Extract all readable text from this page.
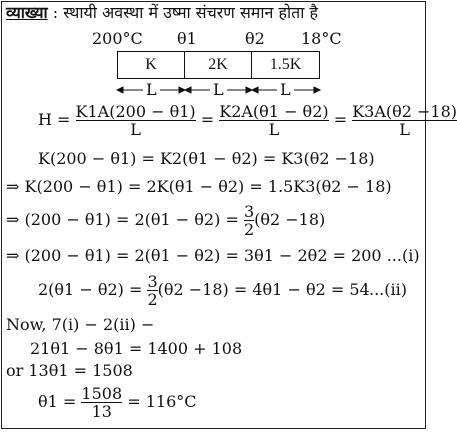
व्याख्या : स्थायी अवस्था में उष्मा संचरण समान होता है
200°C θ1	θ2 18°C
K	2K	1.5K
L	L	L
$H = \frac{K1A(200 - \theta 1)}{L} = \frac{K2A(\theta 1 - \theta 2)}{L} = \frac{K3A(\theta 2 -18)}{L}$
K(200 − θ1) = K2(θ1 − θ2) = K3(θ2 −18)
⇒ K(200 − θ1) = 2K(θ1 − θ2) = 1.5K3(θ2 − 18)
⇒ $(200 - \theta 1) = 2(\theta 1 - \theta 2) = \frac{3}{2} (\theta 2 -18)$
⇒ (200 − θ1) = 2(θ1 − θ2) = 3θ1 − 2θ2 = 200 ...(i)
$2(\theta 1 - \theta 2) = \frac{3}{2} (\theta 2 -18) = 4\theta 1 - \theta 2 = 54$ ...(ii)
Now, 7(i) − 2(ii) −
21θ1 − 8θ1 = 1400 + 108
or 13θ1 = 1508
$\theta 1 = \frac{1508}{13} = 116^\circ C$
